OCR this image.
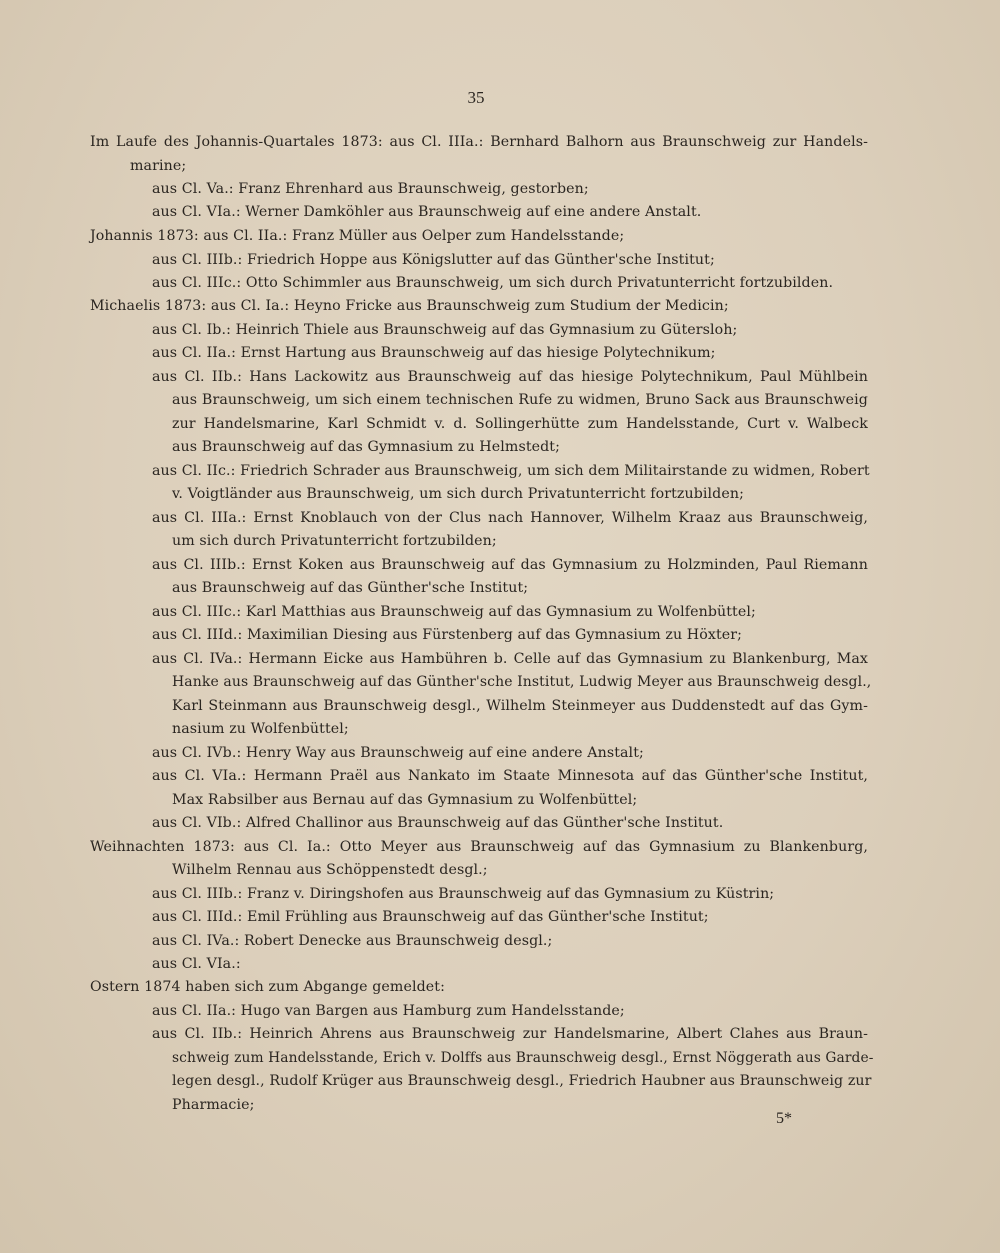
35

Im Laufe des Johannis-Quartales 1873: aus Cl. IIIa.: Bernhard Balhorn aus Braunschweig zur Handels-

marine;

aus Cl. Va.: Franz Ehrenhard aus Braunschweig, gestorben;

aus Cl. VIa.: Werner Damköhler aus Braunschweig auf eine andere Anstalt.

Johannis 1873: aus Cl. IIa.: Franz Müller aus Oelper zum Handelsstande;

aus Cl. IIIb.: Friedrich Hoppe aus Königslutter auf das Günther'sche Institut;

aus Cl. IIIc.: Otto Schimmler aus Braunschweig, um sich durch Privatunterricht fortzubilden.

Michaelis 1873: aus Cl. Ia.: Heyno Fricke aus Braunschweig zum Studium der Medicin;

aus Cl. Ib.: Heinrich Thiele aus Braunschweig auf das Gymnasium zu Gütersloh;

aus Cl. IIa.: Ernst Hartung aus Braunschweig auf das hiesige Polytechnikum;

aus Cl. IIb.: Hans Lackowitz aus Braunschweig auf das hiesige Polytechnikum, Paul Mühlbein

aus Braunschweig, um sich einem technischen Rufe zu widmen, Bruno Sack aus Braunschweig

zur Handelsmarine, Karl Schmidt v. d. Sollingerhütte zum Handelsstande, Curt v. Walbeck

aus Braunschweig auf das Gymnasium zu Helmstedt;

aus Cl. IIc.: Friedrich Schrader aus Braunschweig, um sich dem Militairstande zu widmen, Robert

v. Voigtländer aus Braunschweig, um sich durch Privatunterricht fortzubilden;

aus Cl. IIIa.: Ernst Knoblauch von der Clus nach Hannover, Wilhelm Kraaz aus Braunschweig,

um sich durch Privatunterricht fortzubilden;

aus Cl. IIIb.: Ernst Koken aus Braunschweig auf das Gymnasium zu Holzminden, Paul Riemann

aus Braunschweig auf das Günther'sche Institut;

aus Cl. IIIc.: Karl Matthias aus Braunschweig auf das Gymnasium zu Wolfenbüttel;

aus Cl. IIId.: Maximilian Diesing aus Fürstenberg auf das Gymnasium zu Höxter;

aus Cl. IVa.: Hermann Eicke aus Hambühren b. Celle auf das Gymnasium zu Blankenburg, Max

Hanke aus Braunschweig auf das Günther'sche Institut, Ludwig Meyer aus Braunschweig desgl.,

Karl Steinmann aus Braunschweig desgl., Wilhelm Steinmeyer aus Duddenstedt auf das Gym-

nasium zu Wolfenbüttel;

aus Cl. IVb.: Henry Way aus Braunschweig auf eine andere Anstalt;

aus Cl. VIa.: Hermann Praël aus Nankato im Staate Minnesota auf das Günther'sche Institut,

Max Rabsilber aus Bernau auf das Gymnasium zu Wolfenbüttel;

aus Cl. VIb.: Alfred Challinor aus Braunschweig auf das Günther'sche Institut.

Weihnachten 1873: aus Cl. Ia.: Otto Meyer aus Braunschweig auf das Gymnasium zu Blankenburg,

Wilhelm Rennau aus Schöppenstedt desgl.;

aus Cl. IIIb.: Franz v. Diringshofen aus Braunschweig auf das Gymnasium zu Küstrin;

aus Cl. IIId.: Emil Frühling aus Braunschweig auf das Günther'sche Institut;

aus Cl. IVa.: Robert Denecke aus Braunschweig desgl.;

aus Cl. VIa.:

Ostern 1874 haben sich zum Abgange gemeldet:

aus Cl. IIa.: Hugo van Bargen aus Hamburg zum Handelsstande;

aus Cl. IIb.: Heinrich Ahrens aus Braunschweig zur Handelsmarine, Albert Clahes aus Braun-

schweig zum Handelsstande, Erich v. Dolffs aus Braunschweig desgl., Ernst Nöggerath aus Garde-

legen desgl., Rudolf Krüger aus Braunschweig desgl., Friedrich Haubner aus Braunschweig zur

Pharmacie;

5*
